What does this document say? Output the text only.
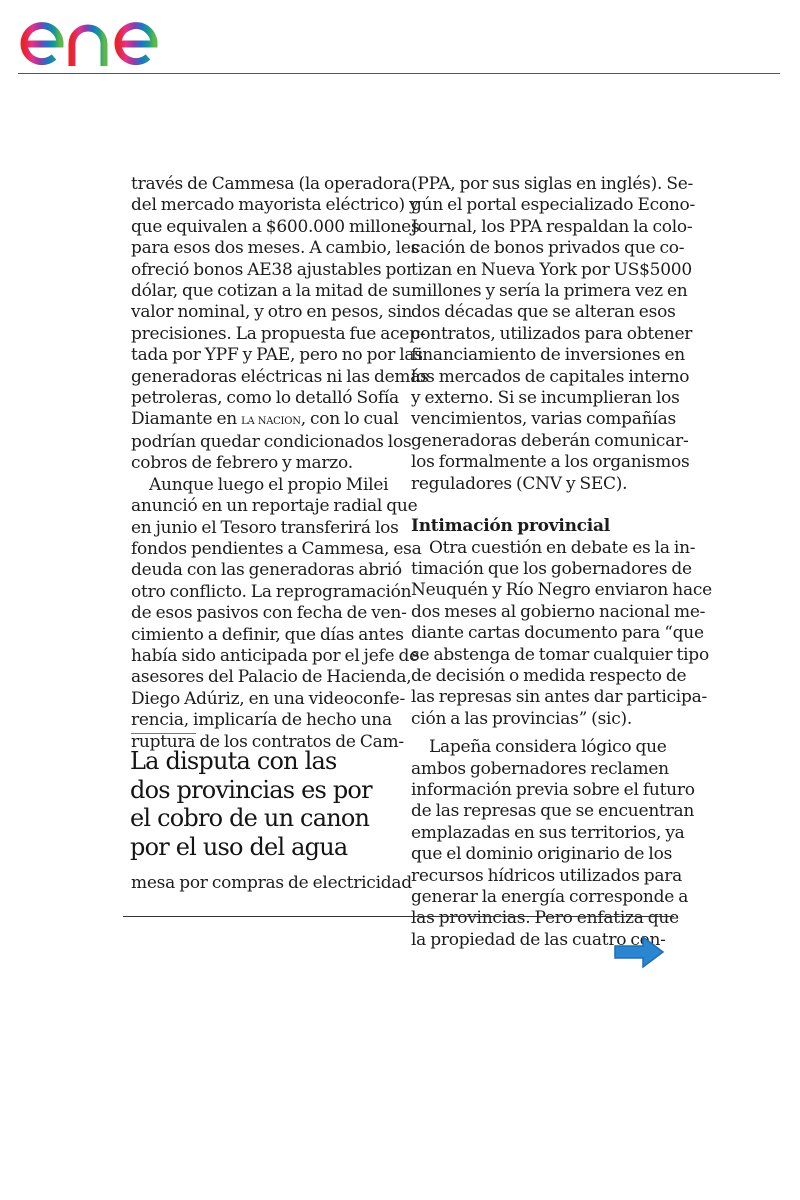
través de Cammesa (la operadora
del mercado mayorista eléctrico) y
que equivalen a $600.000 millones
para esos dos meses. A cambio, les
ofreció bonos AE38 ajustables por
dólar, que cotizan a la mitad de su
valor nominal, y otro en pesos, sin
precisiones. La propuesta fue acep-
tada por YPF y PAE, pero no por las
generadoras eléctricas ni las demás
petroleras, como lo detalló Sofía
Diamante en la nacion, con lo cual
podrían quedar condicionados los
cobros de febrero y marzo.
Aunque luego el propio Milei
anunció en un reportaje radial que
en junio el Tesoro transferirá los
fondos pendientes a Cammesa, esa
deuda con las generadoras abrió
otro conflicto. La reprogramación
de esos pasivos con fecha de ven-
cimiento a definir, que días antes
había sido anticipada por el jefe de
asesores del Palacio de Hacienda,
Diego Adúriz, en una videoconfe-
rencia, implicaría de hecho una
ruptura de los contratos de Cam-
La disputa con las
dos provincias es por
el cobro de un canon
por el uso del agua
mesa por compras de electricidad
(PPA, por sus siglas en inglés). Se-
gún el portal especializado Econo-
Journal, los PPA respaldan la colo-
cación de bonos privados que co-
tizan en Nueva York por US$5000
millones y sería la primera vez en
dos décadas que se alteran esos
contratos, utilizados para obtener
financiamiento de inversiones en
los mercados de capitales interno
y externo. Si se incumplieran los
vencimientos, varias compañías
generadoras deberán comunicar-
los formalmente a los organismos
reguladores (CNV y SEC).
Intimación provincial
Otra cuestión en debate es la in-
timación que los gobernadores de
Neuquén y Río Negro enviaron hace
dos meses al gobierno nacional me-
diante cartas documento para “que
se abstenga de tomar cualquier tipo
de decisión o medida respecto de
las represas sin antes dar participa-
ción a las provincias” (sic).
Lapeña considera lógico que
ambos gobernadores reclamen
información previa sobre el futuro
de las represas que se encuentran
emplazadas en sus territorios, ya
que el dominio originario de los
recursos hídricos utilizados para
generar la energía corresponde a
las provincias. Pero enfatiza que
la propiedad de las cuatro cen-
